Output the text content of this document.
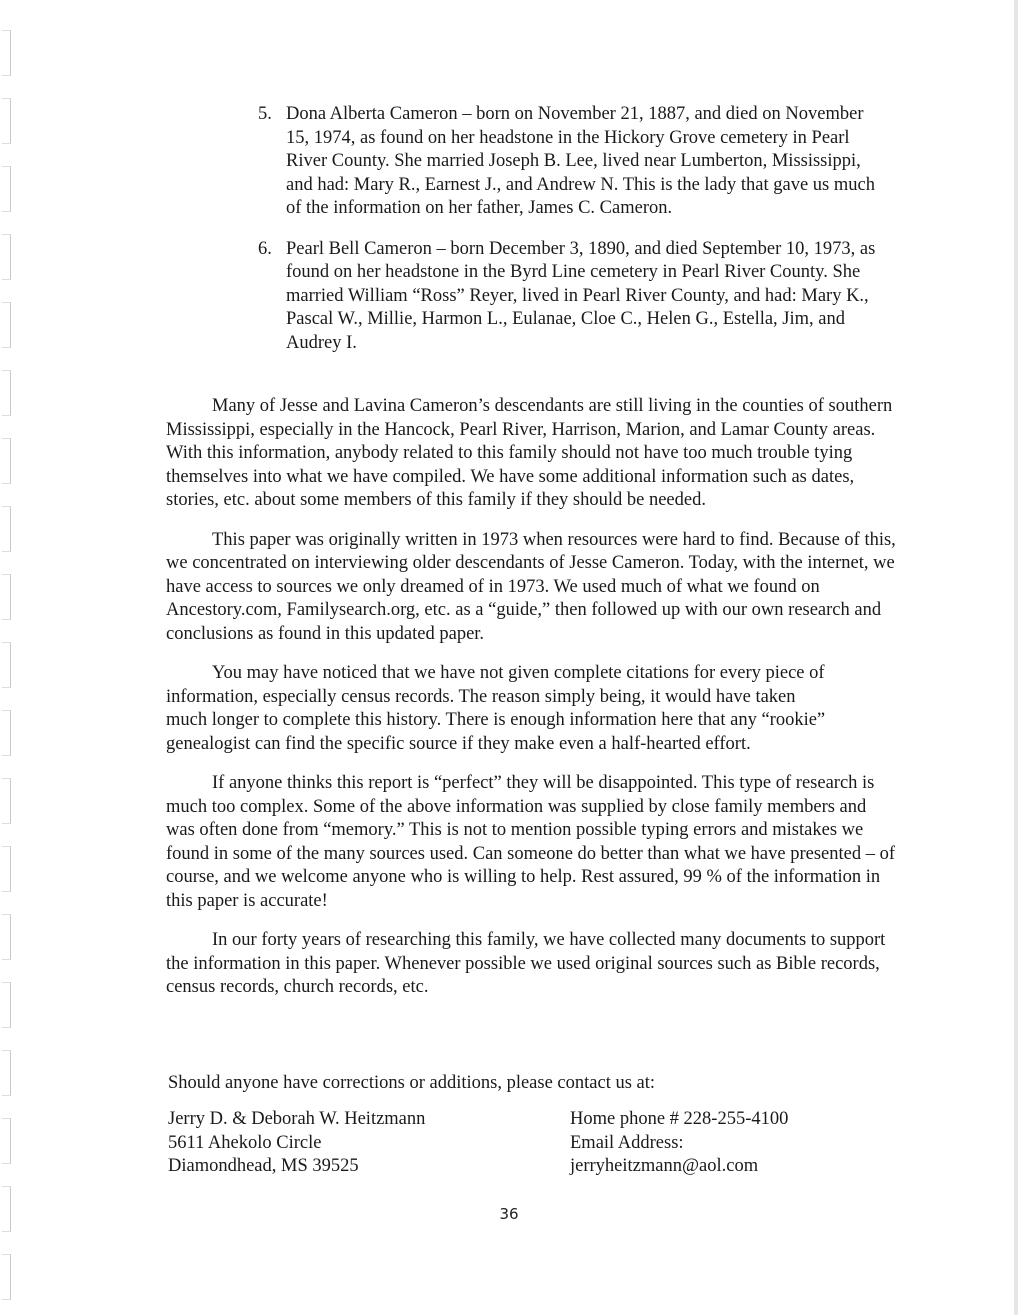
5. Dona Alberta Cameron – born on November 21, 1887, and died on November 15, 1974, as found on her headstone in the Hickory Grove cemetery in Pearl River County. She married Joseph B. Lee, lived near Lumberton, Mississippi, and had: Mary R., Earnest J., and Andrew N. This is the lady that gave us much of the information on her father, James C. Cameron.
6. Pearl Bell Cameron – born December 3, 1890, and died September 10, 1973, as found on her headstone in the Byrd Line cemetery in Pearl River County. She married William “Ross” Reyer, lived in Pearl River County, and had: Mary K., Pascal W., Millie, Harmon L., Eulanae, Cloe C., Helen G., Estella, Jim, and Audrey I.

Many of Jesse and Lavina Cameron’s descendants are still living in the counties of southern Mississippi, especially in the Hancock, Pearl River, Harrison, Marion, and Lamar County areas. With this information, anybody related to this family should not have too much trouble tying themselves into what we have compiled. We have some additional information such as dates, stories, etc. about some members of this family if they should be needed.

This paper was originally written in 1973 when resources were hard to find. Because of this, we concentrated on interviewing older descendants of Jesse Cameron. Today, with the internet, we have access to sources we only dreamed of in 1973. We used much of what we found on Ancestory.com, Familysearch.org, etc. as a “guide,” then followed up with our own research and conclusions as found in this updated paper.

You may have noticed that we have not given complete citations for every piece of information, especially census records. The reason simply being, it would have taken much longer to complete this history. There is enough information here that any “rookie” genealogist can find the specific source if they make even a half-hearted effort.

If anyone thinks this report is “perfect” they will be disappointed. This type of research is much too complex. Some of the above information was supplied by close family members and was often done from “memory.” This is not to mention possible typing errors and mistakes we found in some of the many sources used. Can someone do better than what we have presented – of course, and we welcome anyone who is willing to help. Rest assured, 99 % of the information in this paper is accurate!

In our forty years of researching this family, we have collected many documents to support the information in this paper. Whenever possible we used original sources such as Bible records, census records, church records, etc.

Should anyone have corrections or additions, please contact us at:
Jerry D. & Deborah W. Heitzmann
5611 Ahekolo Circle
Diamondhead, MS 39525
Home phone # 228-255-4100
Email Address:
jerryheitzmann@aol.com
36
